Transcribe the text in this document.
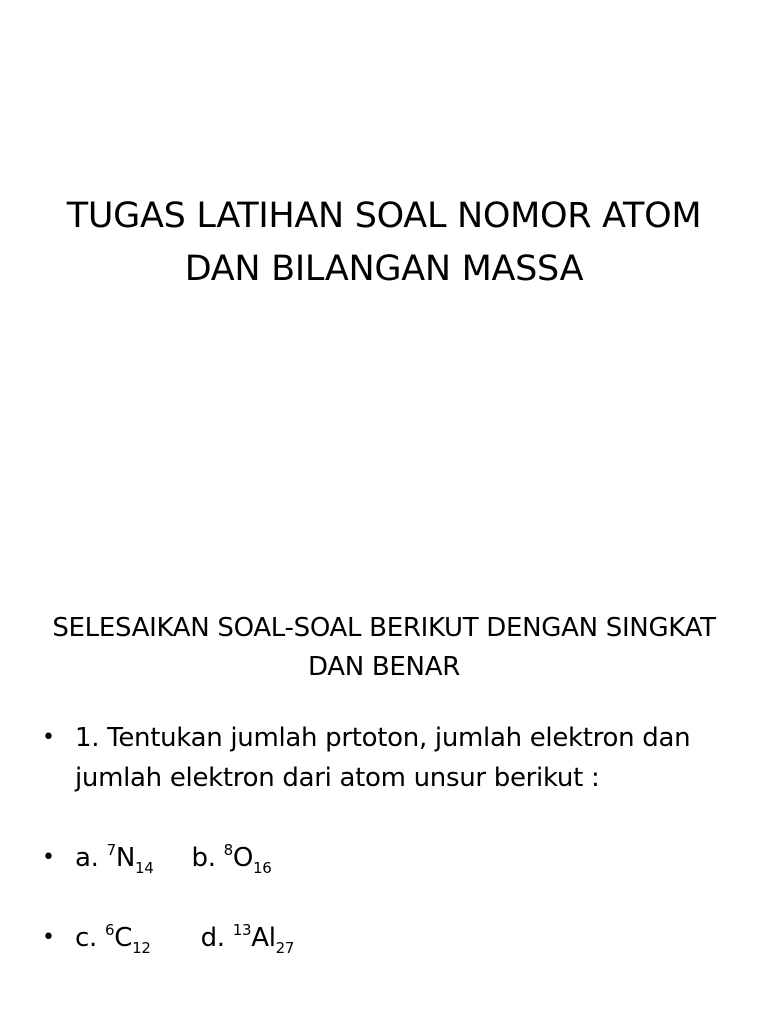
TUGAS LATIHAN SOAL NOMOR ATOM DAN BILANGAN MASSA
SELESAIKAN SOAL-SOAL BERIKUT DENGAN SINGKAT DAN BENAR
• 1. Tentukan jumlah prtoton, jumlah elektron dan jumlah elektron dari atom unsur berikut :
• a. $^7N_{14}$ b. $^8O_{16}$
• c. $^6C_{12}$ d. $^{13}Al_{27}$
